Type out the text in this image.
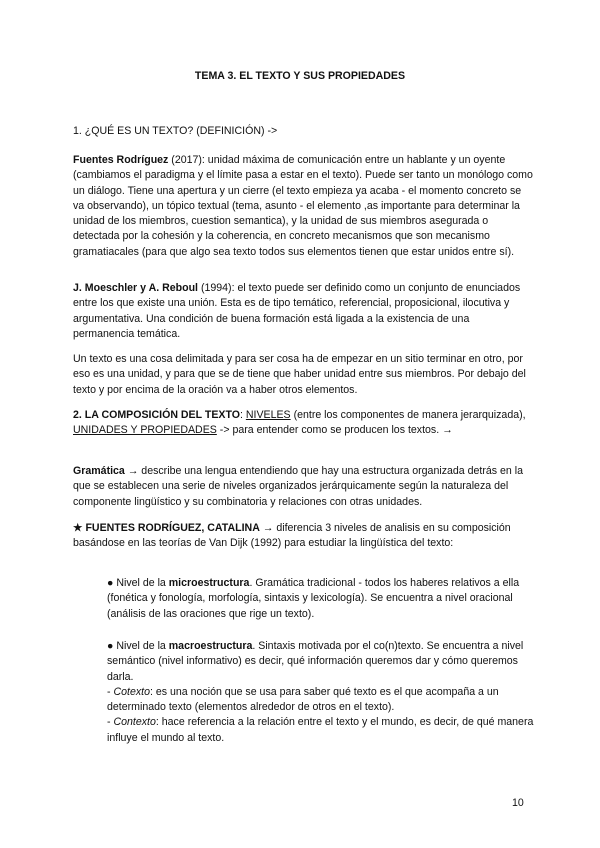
TEMA 3. EL TEXTO Y SUS PROPIEDADES
1. ¿QUÉ ES UN TEXTO? (DEFINICIÓN) ->
Fuentes Rodríguez (2017): unidad máxima de comunicación entre un hablante y un oyente (cambiamos el paradigma y el límite pasa a estar en el texto). Puede ser tanto un monólogo como un diálogo. Tiene una apertura y un cierre (el texto empieza ya acaba - el momento concreto se va observando), un tópico textual (tema, asunto - el elemento ,as importante para determinar la unidad de los miembros, cuestion semantica), y la unidad de sus miembros asegurada o detectada por la cohesión y la coherencia, en concreto mecanismos que son mecanismo gramatiacales (para que algo sea texto todos sus elementos tienen que estar unidos entre sí).
J. Moeschler y A. Reboul (1994): el texto puede ser definido como un conjunto de enunciados entre los que existe una unión. Esta es de tipo temático, referencial, proposicional, ilocutiva y argumentativa. Una condición de buena formación está ligada a la existencia de una permanencia temática.
Un texto es una cosa delimitada y para ser cosa ha de empezar en un sitio terminar en otro, por eso es una unidad, y para que se de tiene que haber unidad entre sus miembros. Por debajo del texto y por encima de la oración va a haber otros elementos.
2. LA COMPOSICIÓN DEL TEXTO: NIVELES (entre los componentes de manera jerarquizada), UNIDADES Y PROPIEDADES -> para entender como se producen los textos. →
Gramática → describe una lengua entendiendo que hay una estructura organizada detrás en la que se establecen una serie de niveles organizados jerárquicamente según la naturaleza del componente lingüístico y su combinatoria y relaciones con otras unidades.
★ FUENTES RODRÍGUEZ, CATALINA → diferencia 3 niveles de analisis en su composición basándose en las teorías de Van Dijk (1992) para estudiar la lingüística del texto:
● Nivel de la microestructura. Gramática tradicional - todos los haberes relativos a ella (fonética y fonología, morfología, sintaxis y lexicología). Se encuentra a nivel oracional (análisis de las oraciones que rige un texto).
● Nivel de la macroestructura. Sintaxis motivada por el co(n)texto. Se encuentra a nivel semántico (nivel informativo) es decir, qué información queremos dar y cómo queremos darla.
- Cotexto: es una noción que se usa para saber qué texto es el que acompaña a un determinado texto (elementos alrededor de otros en el texto).
- Contexto: hace referencia a la relación entre el texto y el mundo, es decir, de qué manera influye el mundo al texto.
10
